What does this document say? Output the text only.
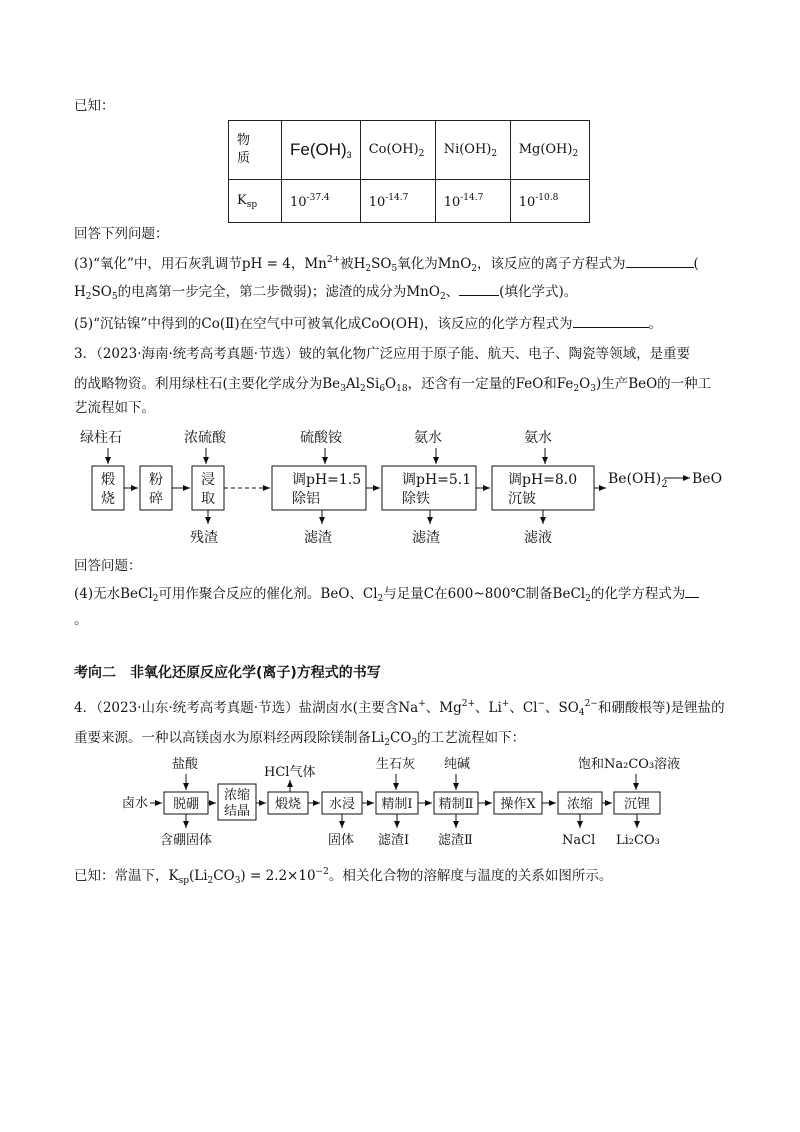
已知：
物
质	$Fe(OH)_3$	$Co(OH)_2$	$Ni(OH)_2$	$Mg(OH)_2$
$K_{sp}$	$10^{-37.4}$	$10^{-14.7}$	$10^{-14.7}$	$10^{-10.8}$
回答下列问题：
(3)“氧化”中，用石灰乳调节pH = 4，$Mn^{2+}$被$H_2SO_5$氧化为MnO$_2$，该反应的离子方程式为	(
$H_2SO_5$的电离第一步完全，第二步微弱)；滤渣的成分为MnO$_2$、	(填化学式)。
(5)“沉钴镍”中得到的Co(Ⅱ)在空气中可被氧化成CoO(OH)，该反应的化学方程式为	。
3．（2023·海南·统考高考真题·节选）铍的氧化物广泛应用于原子能、航天、电子、陶瓷等领域，是重要
的战略物资。利用绿柱石(主要化学成分为$Be_3Al_2Si_6O_{18}$，还含有一定量的FeO和$Fe_2O_3$)生产BeO的一种工
艺流程如下。
绿柱石	浓硫酸	硫酸铵	氨水	氨水
煅
烧
粉
碎
浸
取
调pH=1.5
除铝
调pH=5.1
除铁
调pH=8.0
沉铍
$Be(OH)_2$ BeO
残渣	滤渣	滤渣	滤液
回答问题：
(4)无水BeCl$_2$可用作聚合反应的催化剂。BeO、$Cl_2$与足量C在600~800℃制备BeCl$_2$的化学方程式为
。
考向二　非氧化还原反应化学(离子)方程式的书写
4．（2023·山东·统考高考真题·节选）盐湖卤水(主要含Na+、$Mg^{2+}$、Li+、Cl−、$SO_4^{2-}$和硼酸根等)是锂盐的
重要来源。一种以高镁卤水为原料经两段除镁制备$Li_2CO_3$的工艺流程如下：
盐酸
HCl气体
生石灰 纯碱	饱和Na₂CO₃溶液
卤水 脱硼
浓缩
结晶 煅烧 水浸 精制Ⅰ 精制Ⅱ 操作X 浓缩 沉锂
含硼固体	固体 滤渣Ⅰ 滤渣Ⅱ	NaCl Li₂CO₃
已知：常温下，$K_{sp}(Li_2CO_3) = 2.2\times 10^{-2}$。相关化合物的溶解度与温度的关系如图所示。
